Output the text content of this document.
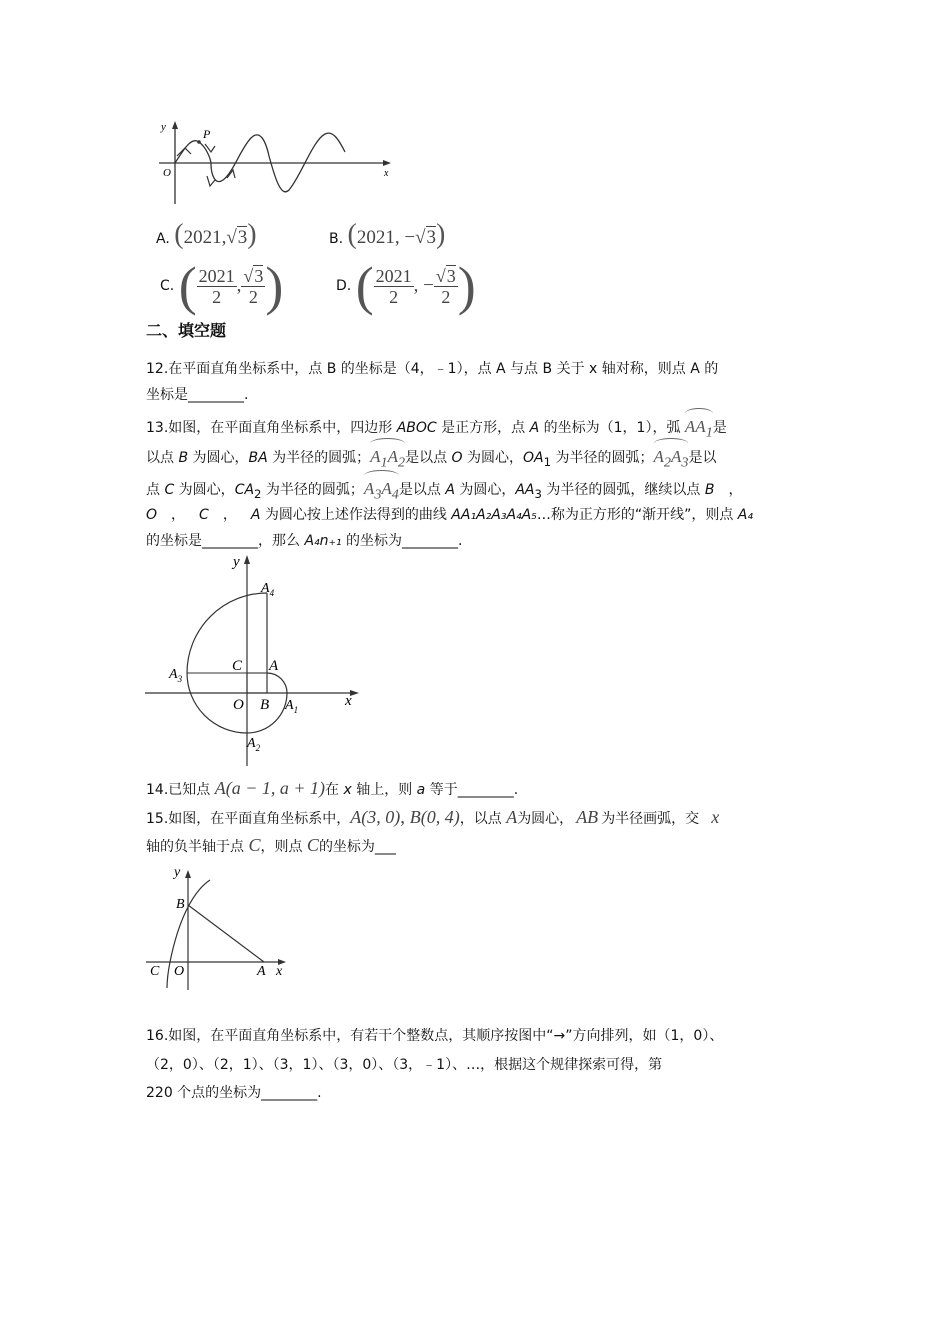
y	P
O	x
A. (2021,√3)	B. (2021, −√3)
C. ( $\frac{2021}{2}$ , $\frac{√3}{2}$ )	D. ( $\frac{2021}{2}$ , − $\frac{√3}{2}$ )
二、填空题
12.在平面直角坐标系中，点 B 的坐标是（4，﹣1），点 A 与点 B 关于 x 轴对称，则点 A 的
坐标是________.
13.如图，在平面直角坐标系中，四边形 ABOC 是正方形，点 A 的坐标为（1，1），弧 $AA_1$是
以点 B 为圆心，BA 为半径的圆弧；$A_1A_2$是以点 O 为圆心，$OA_1$ 为半径的圆弧；$A_2A_3$是以
点 C 为圆心，$CA_2$ 为半径的圆弧；$A_3A_4$是以点 A 为圆心，$AA_3$ 为半径的圆弧，继续以点 B ，
O ， C ， A 为圆心按上述作法得到的曲线 AA₁A₂A₃A₄A₅…称为正方形的“渐开线”，则点 A₄
的坐标是________，那么 A₄n₊₁ 的坐标为________.
y
$A_4$
C A
$A_3$
O B $A_1$
x
$A_2$
14.已知点 A(a − 1, a + 1)在 x 轴上，则 a 等于________.
15.如图，在平面直角坐标系中，A(3, 0), B(0, 4)，以点 A为圆心， AB 为半径画弧，交 x
轴的负半轴于点 C，则点 C的坐标为___
y
B
C O	A x
16.如图，在平面直角坐标系中，有若干个整数点，其顺序按图中“→”方向排列，如（1，0）、
（2，0）、（2，1）、（3，1）、（3，0）、（3，﹣1）、…，根据这个规律探索可得，第
220 个点的坐标为________.
